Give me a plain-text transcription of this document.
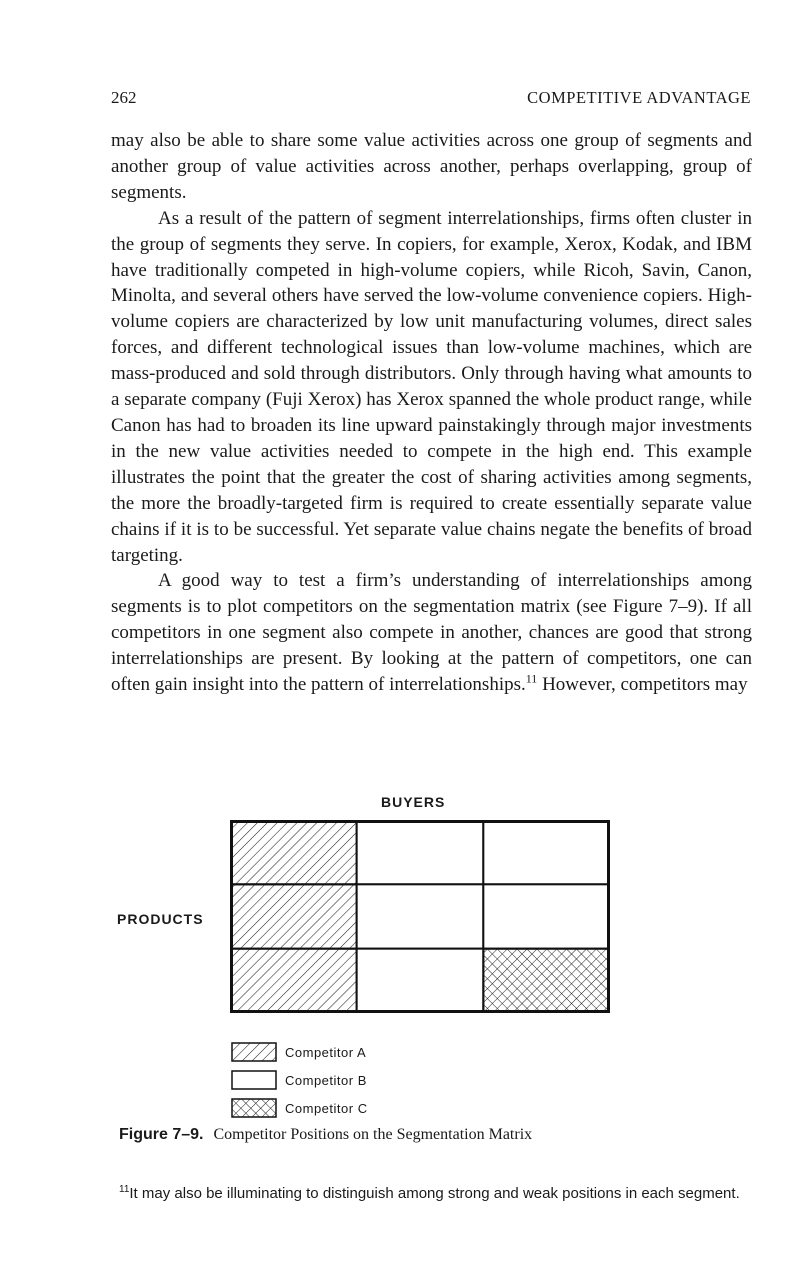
262	COMPETITIVE ADVANTAGE

may also be able to share some value activities across one group of segments and another group of value activities across another, perhaps overlapping, group of segments.

As a result of the pattern of segment interrelationships, firms often cluster in the group of segments they serve. In copiers, for example, Xerox, Kodak, and IBM have traditionally competed in high-volume copiers, while Ricoh, Savin, Canon, Minolta, and several others have served the low-volume convenience copiers. High-volume copiers are characterized by low unit manufacturing volumes, direct sales forces, and different technological issues than low-volume machines, which are mass-produced and sold through distributors. Only through having what amounts to a separate company (Fuji Xerox) has Xerox spanned the whole product range, while Canon has had to broaden its line upward painstakingly through major investments in the new value activities needed to compete in the high end. This example illustrates the point that the greater the cost of sharing activities among segments, the more the broadly-targeted firm is required to create essentially separate value chains if it is to be successful. Yet separate value chains negate the benefits of broad targeting.

A good way to test a firm’s understanding of interrelationships among segments is to plot competitors on the segmentation matrix (see Figure 7–9). If all competitors in one segment also compete in another, chances are good that strong interrelationships are present. By looking at the pattern of competitors, one can often gain insight into the pattern of interrelationships.$^{11}$ However, competitors may

BUYERS
PRODUCTS
Competitor A
Competitor B
Competitor C
Figure 7–9. Competitor Positions on the Segmentation Matrix
$^{11}$It may also be illuminating to distinguish among strong and weak positions in each segment.
